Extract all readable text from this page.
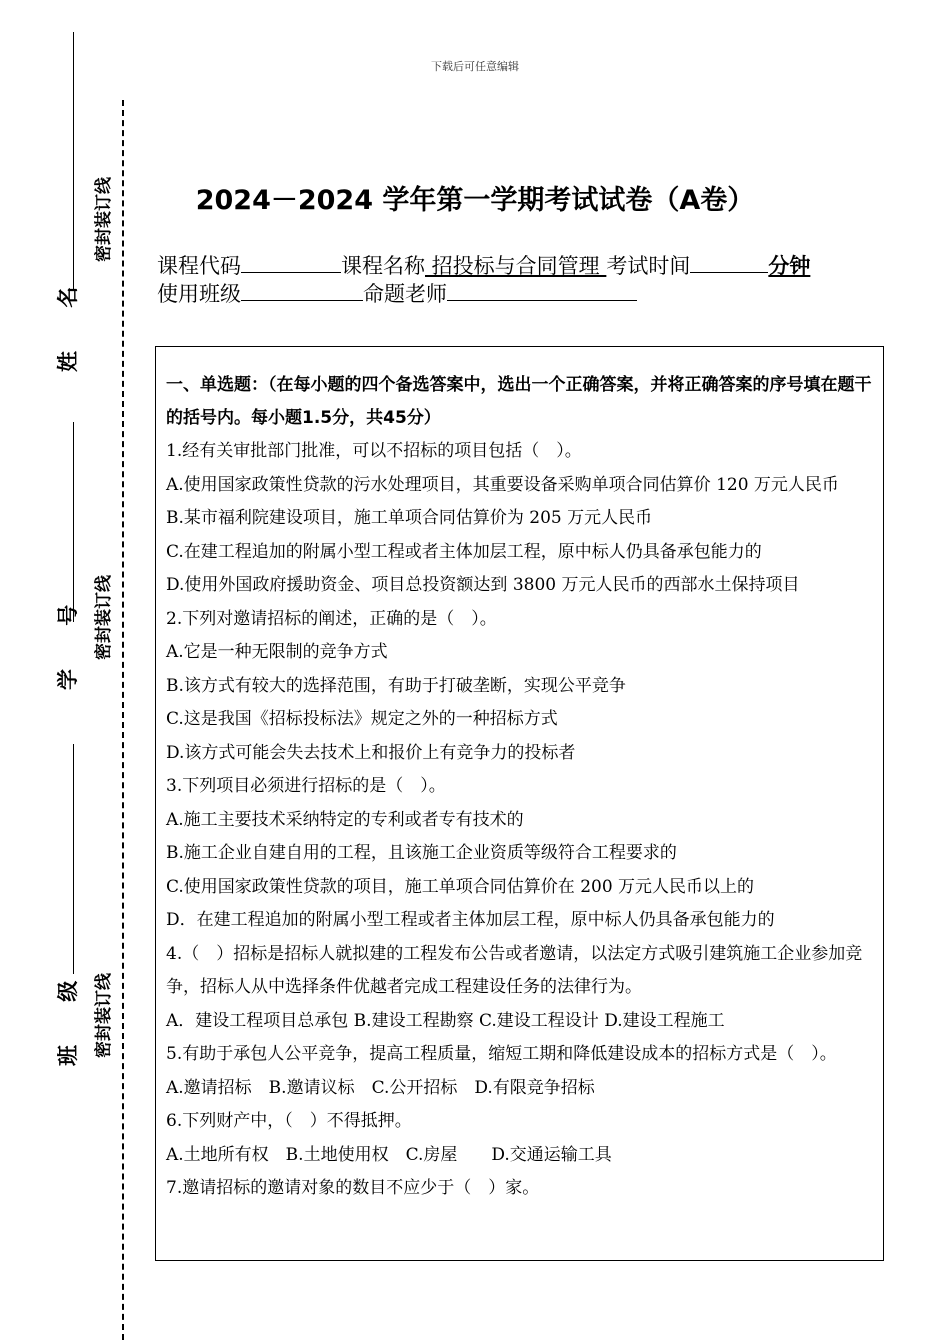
下载后可任意编辑
姓 名
学 号
班 级
密封装订线
密封装订线
密封装订线
2024－2024 学年第一学期考试试卷（A卷）
课程代码	课程名称 招投标与合同管理 考试时间	分钟
使用班级	命题老师
一、单选题：（在每小题的四个备选答案中，选出一个正确答案，并将正确答案的序号填在题干的括号内。每小题1.5分，共45分）
1.经有关审批部门批准，可以不招标的项目包括（　）。
A.使用国家政策性贷款的污水处理项目，其重要设备采购单项合同估算价 120 万元人民币
B.某市福利院建设项目，施工单项合同估算价为 205 万元人民币
C.在建工程追加的附属小型工程或者主体加层工程，原中标人仍具备承包能力的
D.使用外国政府援助资金、项目总投资额达到 3800 万元人民币的西部水土保持项目
2.下列对邀请招标的阐述，正确的是（　）。
A.它是一种无限制的竞争方式
B.该方式有较大的选择范围，有助于打破垄断，实现公平竞争
C.这是我国《招标投标法》规定之外的一种招标方式
D.该方式可能会失去技术上和报价上有竞争力的投标者
3.下列项目必须进行招标的是（　）。
A.施工主要技术采纳特定的专利或者专有技术的
B.施工企业自建自用的工程，且该施工企业资质等级符合工程要求的
C.使用国家政策性贷款的项目，施工单项合同估算价在 200 万元人民币以上的
D．在建工程追加的附属小型工程或者主体加层工程，原中标人仍具备承包能力的
4.（　）招标是招标人就拟建的工程发布公告或者邀请，以法定方式吸引建筑施工企业参加竞争，招标人从中选择条件优越者完成工程建设任务的法律行为。
A．建设工程项目总承包 B.建设工程勘察 C.建设工程设计 D.建设工程施工
5.有助于承包人公平竞争，提高工程质量，缩短工期和降低建设成本的招标方式是（　）。
A.邀请招标　B.邀请议标　C.公开招标　D.有限竞争招标
6.下列财产中，（　）不得抵押。
A.土地所有权　B.土地使用权　C.房屋　　D.交通运输工具
7.邀请招标的邀请对象的数目不应少于（　）家。
